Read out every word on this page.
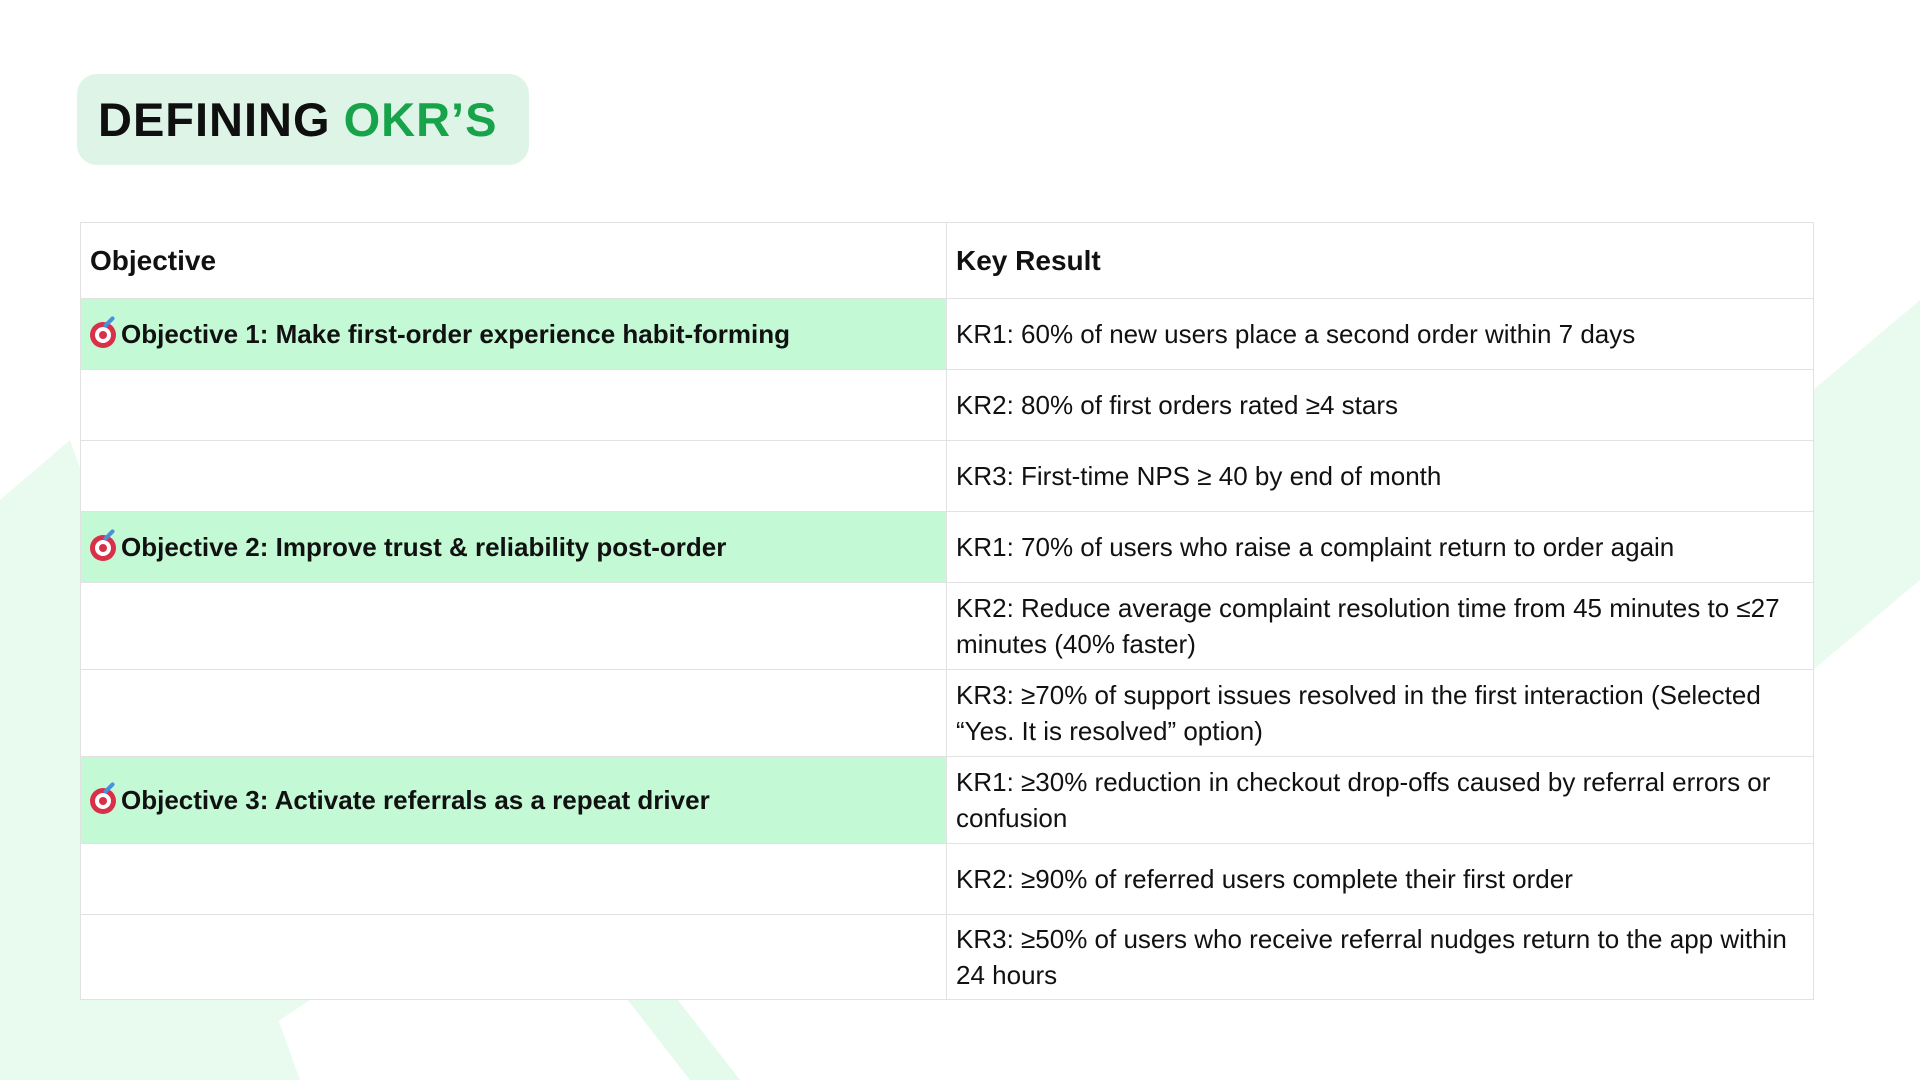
DEFINING OKR’S
Objective	Key Result

Objective 1: Make first-order experience habit-forming	KR1: 60% of new users place a second order within 7 days
	KR2: 80% of first orders rated ≥4 stars
	KR3: First-time NPS ≥ 40 by end of month

Objective 2: Improve trust & reliability post-order	KR1: 70% of users who raise a complaint return to order again
	KR2: Reduce average complaint resolution time from 45 minutes to ≤27 minutes (40% faster)
	KR3: ≥70% of support issues resolved in the first interaction (Selected “Yes. It is resolved” option)

Objective 3: Activate referrals as a repeat driver	KR1: ≥30% reduction in checkout drop-offs caused by referral errors or confusion
	KR2: ≥90% of referred users complete their first order
	KR3: ≥50% of users who receive referral nudges return to the app within 24 hours
